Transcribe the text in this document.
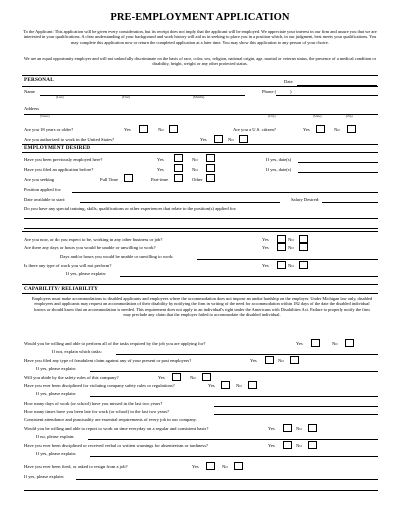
PRE-EMPLOYMENT APPLICATION
To the Applicant: This application will be given every consideration, but its receipt does not imply that the applicant will be employed. We appreciate your interest in our firm and assure you that we are interested in your qualifications. A clear understanding of your background and work history will aid us in seeking to place you in a position which, in our judgment, best meets your qualifications. You may complete this application now or return the completed application at a later time. You may show this application to any person of your choice.
We are an equal opportunity employer and will not unlawfully discriminate on the basis of race, color, sex, religion, national origin, age, marital or veteran status, the presence of a medical condition or disability, height, weight or any other protected status.
PERSONAL	Date
Name
(Last)	(First)	(Middle)
Phone (	)
Address
(Street)	(City)	(State)	(Zip)
Are you 18 years or older?	Yes	No	Are you a U.S. citizen?	Yes	No
Are you authorized to work in the United States?	Yes	No
EMPLOYMENT DESIRED
Have you been previously employed here?	Yes	No	If yes, date(s)
Have you filed an application before?	Yes	No	If yes, date(s)
Are you seeking	Full Time	Part-time	Other
Position applied for:
Date available to start:	Salary Desired:
Do you have any special training, skills, qualifications or other experiences that relate to the position(s) applied for:
Are you now, or do you expect to be, working in any other business or job?	Yes	No
Are there any days or hours you would be unable or unwilling to work?	Yes	No
Days and/or hours you would be unable or unwilling to work:
Is there any type of work you will not perform?	Yes	No
If yes, please explain:
CAPABILITY/ RELIABILITY
Employers must make accommodations to disabled applicants and employees where the accommodation does not impose an undue hardship on the employer. Under Michigan law only, disabled employees and applicants may request an accommodation of their disability by notifying the firm in writing of the need for accommodation within 182 days of the date the disabled individual knows or should know that an accommodation is needed. This requirement does not apply to an individual's right under the Americans with Disabilities Act. Failure to properly notify the firm may preclude any claim that the employer failed to accommodate the disabled individual.
Would you be willing and able to perform all of the tasks required by the job you are applying for?	Yes	No
If not, explain which tasks:
Have you filed any type of fraudulent claim against any of your present or past employers?	Yes	No
If yes, please explain:
Will you abide by the safety rules of this company?	Yes	No
Have you ever been disciplined for violating company safety rules or regulations?	Yes	No
If yes, please explain:
How many days of work (or school) have you missed in the last two years?
How many times have you been late for work (or school) in the last two years?
Consistent attendance and punctuality are essential requirements of every job in our company.
Would you be willing and able to report to work on time everyday on a regular and consistent basis?	Yes	No
If no, please explain:
Have you ever been disciplined or received verbal or written warnings for absenteeism or tardiness?	Yes	No
If yes, please explain:
Have you ever been fired, or asked to resign from a job?	Yes	No
If yes, please explain:
